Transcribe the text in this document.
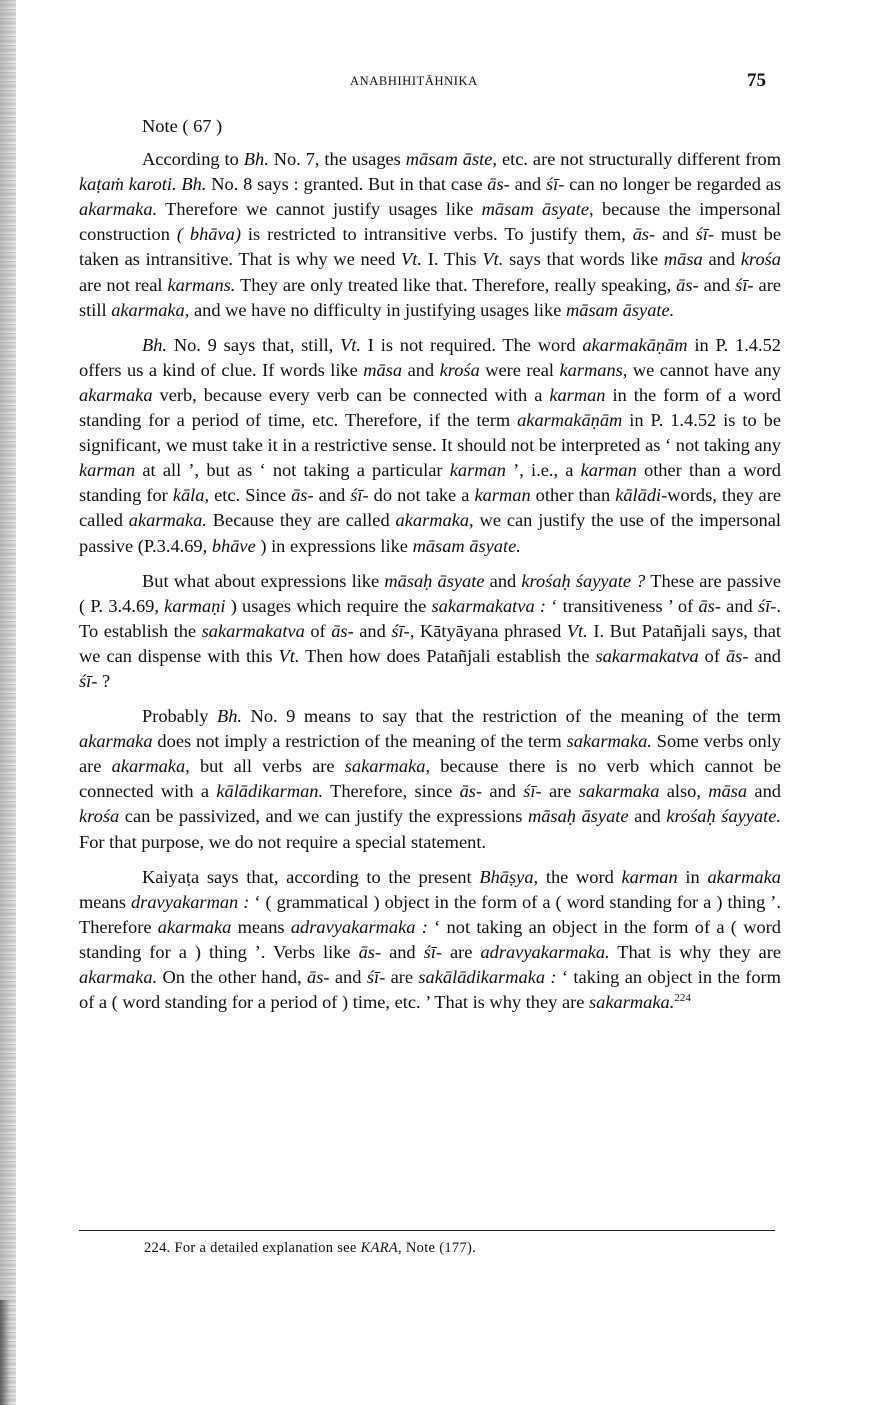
ANABHIHITĀHNIKA	75
Note ( 67 )

According to Bh. No. 7, the usages māsam āste, etc. are not structurally different from kaṭaṁ karoti. Bh. No. 8 says : granted. But in that case ās- and śī- can no longer be regarded as akarmaka. Therefore we cannot justify usages like māsam āsyate, because the impersonal construction ( bhāva) is restricted to intransitive verbs. To justify them, ās- and śī- must be taken as intransitive. That is why we need Vt. I. This Vt. says that words like māsa and krośa are not real karmans. They are only treated like that. Therefore, really speaking, ās- and śī- are still akarmaka, and we have no difficulty in justifying usages like māsam āsyate.

Bh. No. 9 says that, still, Vt. I is not required. The word akarmakāṇām in P. 1.4.52 offers us a kind of clue. If words like māsa and krośa were real karmans, we cannot have any akarmaka verb, because every verb can be connected with a karman in the form of a word standing for a period of time, etc. Therefore, if the term akarmakāṇām in P. 1.4.52 is to be significant, we must take it in a restrictive sense. It should not be interpreted as ‘ not taking any karman at all ’, but as ‘ not taking a particular karman ’, i.e., a karman other than a word standing for kāla, etc. Since ās- and śī- do not take a karman other than kālādi-words, they are called akarmaka. Because they are called akarmaka, we can justify the use of the impersonal passive (P.3.4.69, bhāve ) in expressions like māsam āsyate.

But what about expressions like māsaḥ āsyate and krośaḥ śayyate ? These are passive ( P. 3.4.69, karmaṇi ) usages which require the sakarmakatva : ‘ transitiveness ’ of ās- and śī-. To establish the sakarmakatva of ās- and śī-, Kātyāyana phrased Vt. I. But Patañjali says, that we can dispense with this Vt. Then how does Patañjali establish the sakarmakatva of ās- and śī- ?

Probably Bh. No. 9 means to say that the restriction of the meaning of the term akarmaka does not imply a restriction of the meaning of the term sakarmaka. Some verbs only are akarmaka, but all verbs are sakarmaka, because there is no verb which cannot be connected with a kālādikarman. Therefore, since ās- and śī- are sakarmaka also, māsa and krośa can be passivized, and we can justify the expressions māsaḥ āsyate and krośaḥ śayyate. For that purpose, we do not require a special statement.

Kaiyaṭa says that, according to the present Bhāṣya, the word karman in akarmaka means dravyakarman : ‘ ( grammatical ) object in the form of a ( word standing for a ) thing ’. Therefore akarmaka means adravyakarmaka : ‘ not taking an object in the form of a ( word standing for a ) thing ’. Verbs like ās- and śī- are adravyakarmaka. That is why they are akarmaka. On the other hand, ās- and śī- are sakālādikarmaka : ‘ taking an object in the form of a ( word standing for a period of ) time, etc. ’ That is why they are sakarmaka.$^{224}$

224. For a detailed explanation see KARA, Note (177).
